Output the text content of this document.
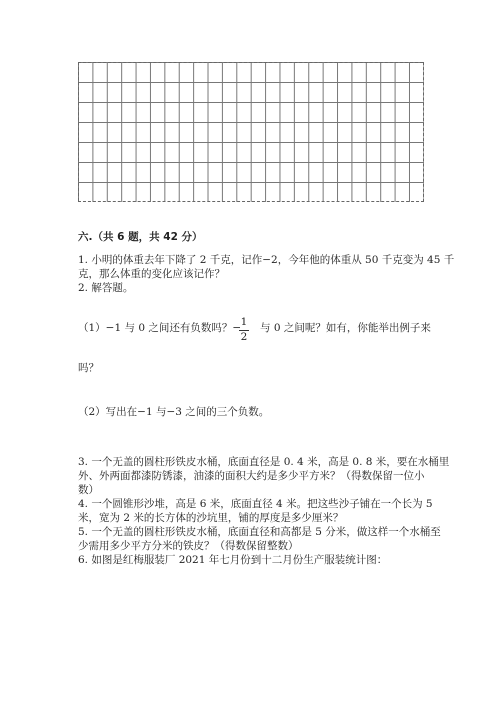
六.（共 6 题，共 42 分）
1. 小明的体重去年下降了 2 千克，记作−2，今年他的体重从 50 千克变为 45 千
克，那么体重的变化应该记作？
2. 解答题。
（1）−1 与 0 之间还有负数吗？− 1
2
与 0 之间呢？如有，你能举出例子来
吗？
（2）写出在−1 与−3 之间的三个负数。
3. 一个无盖的圆柱形铁皮水桶，底面直径是 0. 4 米，高是 0. 8 米，要在水桶里
外、外两面都漆防锈漆，油漆的面积大约是多少平方米？（得数保留一位小
数）
4. 一个圆锥形沙堆，高是 6 米，底面直径 4 米。把这些沙子铺在一个长为 5
米，宽为 2 米的长方体的沙坑里，铺的厚度是多少厘米？
5. 一个无盖的圆柱形铁皮水桶，底面直径和高都是 5 分米，做这样一个水桶至
少需用多少平方分米的铁皮？（得数保留整数）
6. 如图是红梅服装厂 2021 年七月份到十二月份生产服装统计图：
